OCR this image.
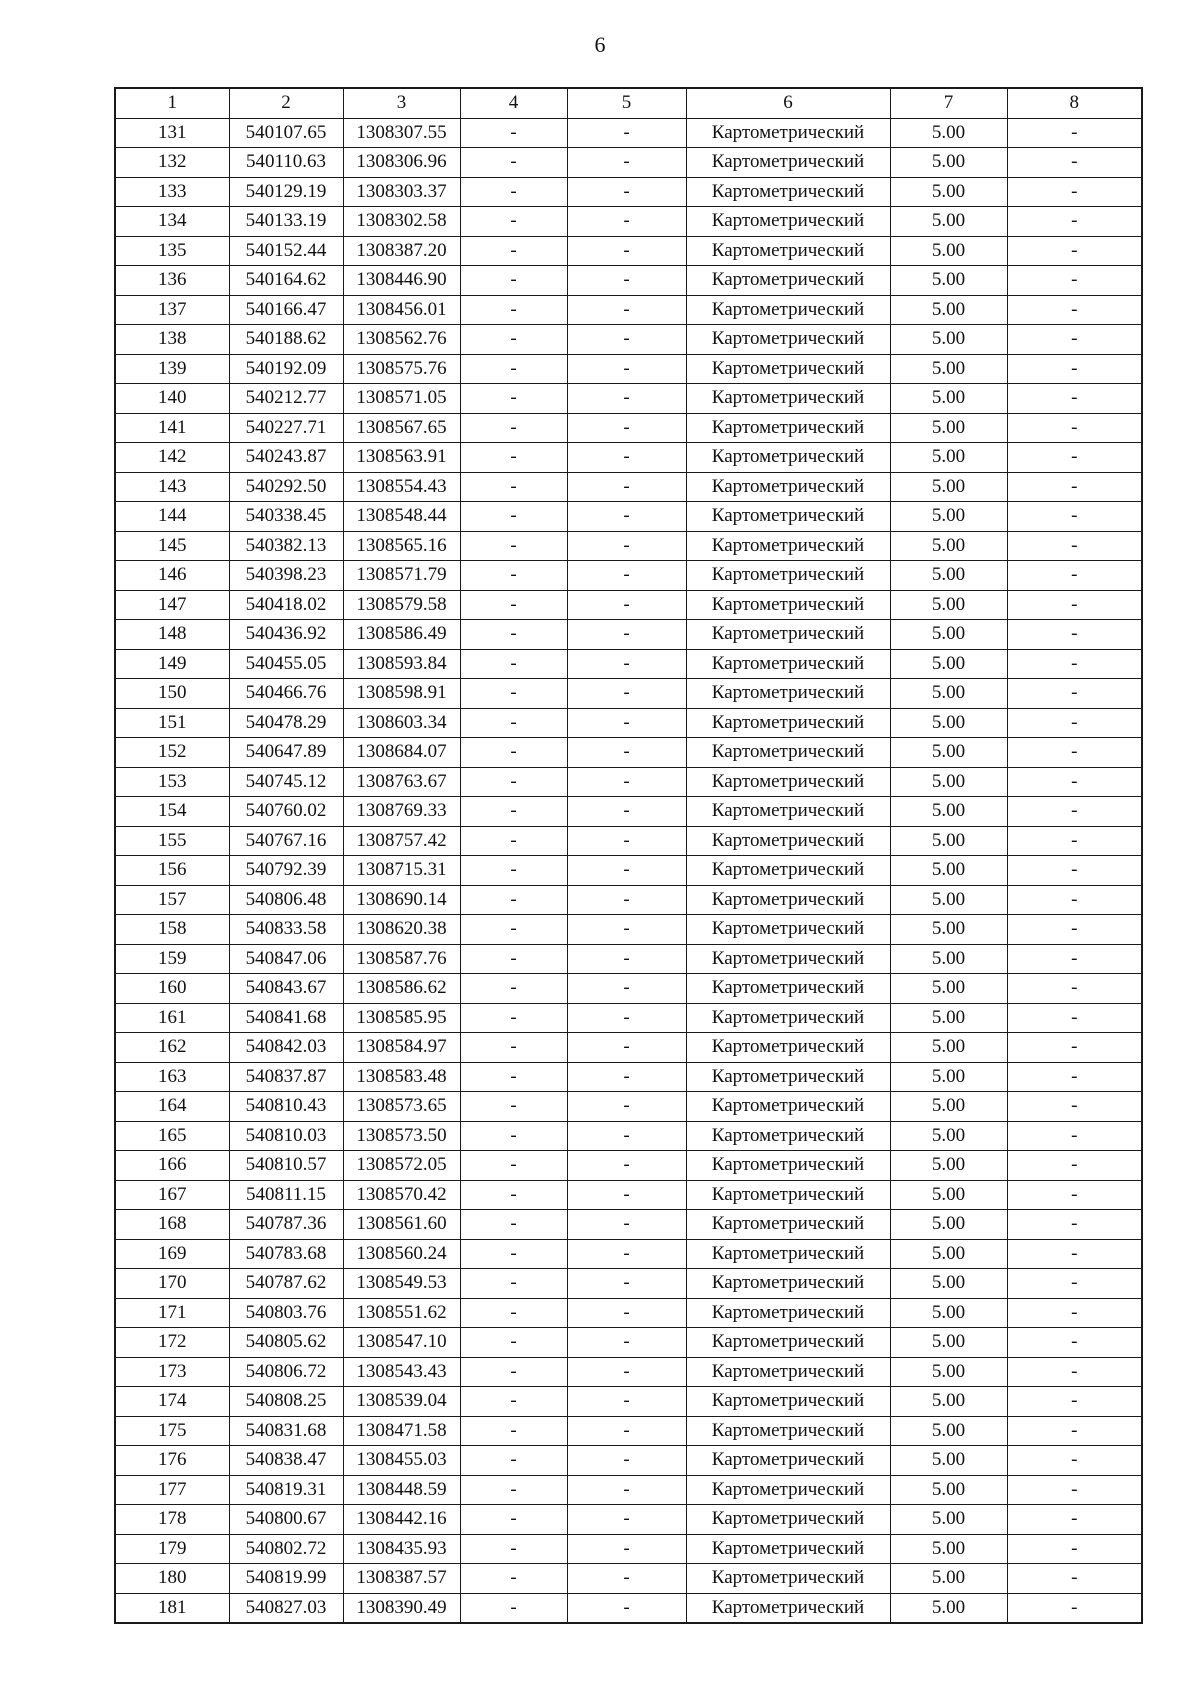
6
1	2	3	4	5	6	7	8
131	540107.65	1308307.55	-	-	Картометрический	5.00	-
132	540110.63	1308306.96	-	-	Картометрический	5.00	-
133	540129.19	1308303.37	-	-	Картометрический	5.00	-
134	540133.19	1308302.58	-	-	Картометрический	5.00	-
135	540152.44	1308387.20	-	-	Картометрический	5.00	-
136	540164.62	1308446.90	-	-	Картометрический	5.00	-
137	540166.47	1308456.01	-	-	Картометрический	5.00	-
138	540188.62	1308562.76	-	-	Картометрический	5.00	-
139	540192.09	1308575.76	-	-	Картометрический	5.00	-
140	540212.77	1308571.05	-	-	Картометрический	5.00	-
141	540227.71	1308567.65	-	-	Картометрический	5.00	-
142	540243.87	1308563.91	-	-	Картометрический	5.00	-
143	540292.50	1308554.43	-	-	Картометрический	5.00	-
144	540338.45	1308548.44	-	-	Картометрический	5.00	-
145	540382.13	1308565.16	-	-	Картометрический	5.00	-
146	540398.23	1308571.79	-	-	Картометрический	5.00	-
147	540418.02	1308579.58	-	-	Картометрический	5.00	-
148	540436.92	1308586.49	-	-	Картометрический	5.00	-
149	540455.05	1308593.84	-	-	Картометрический	5.00	-
150	540466.76	1308598.91	-	-	Картометрический	5.00	-
151	540478.29	1308603.34	-	-	Картометрический	5.00	-
152	540647.89	1308684.07	-	-	Картометрический	5.00	-
153	540745.12	1308763.67	-	-	Картометрический	5.00	-
154	540760.02	1308769.33	-	-	Картометрический	5.00	-
155	540767.16	1308757.42	-	-	Картометрический	5.00	-
156	540792.39	1308715.31	-	-	Картометрический	5.00	-
157	540806.48	1308690.14	-	-	Картометрический	5.00	-
158	540833.58	1308620.38	-	-	Картометрический	5.00	-
159	540847.06	1308587.76	-	-	Картометрический	5.00	-
160	540843.67	1308586.62	-	-	Картометрический	5.00	-
161	540841.68	1308585.95	-	-	Картометрический	5.00	-
162	540842.03	1308584.97	-	-	Картометрический	5.00	-
163	540837.87	1308583.48	-	-	Картометрический	5.00	-
164	540810.43	1308573.65	-	-	Картометрический	5.00	-
165	540810.03	1308573.50	-	-	Картометрический	5.00	-
166	540810.57	1308572.05	-	-	Картометрический	5.00	-
167	540811.15	1308570.42	-	-	Картометрический	5.00	-
168	540787.36	1308561.60	-	-	Картометрический	5.00	-
169	540783.68	1308560.24	-	-	Картометрический	5.00	-
170	540787.62	1308549.53	-	-	Картометрический	5.00	-
171	540803.76	1308551.62	-	-	Картометрический	5.00	-
172	540805.62	1308547.10	-	-	Картометрический	5.00	-
173	540806.72	1308543.43	-	-	Картометрический	5.00	-
174	540808.25	1308539.04	-	-	Картометрический	5.00	-
175	540831.68	1308471.58	-	-	Картометрический	5.00	-
176	540838.47	1308455.03	-	-	Картометрический	5.00	-
177	540819.31	1308448.59	-	-	Картометрический	5.00	-
178	540800.67	1308442.16	-	-	Картометрический	5.00	-
179	540802.72	1308435.93	-	-	Картометрический	5.00	-
180	540819.99	1308387.57	-	-	Картометрический	5.00	-
181	540827.03	1308390.49	-	-	Картометрический	5.00	-
